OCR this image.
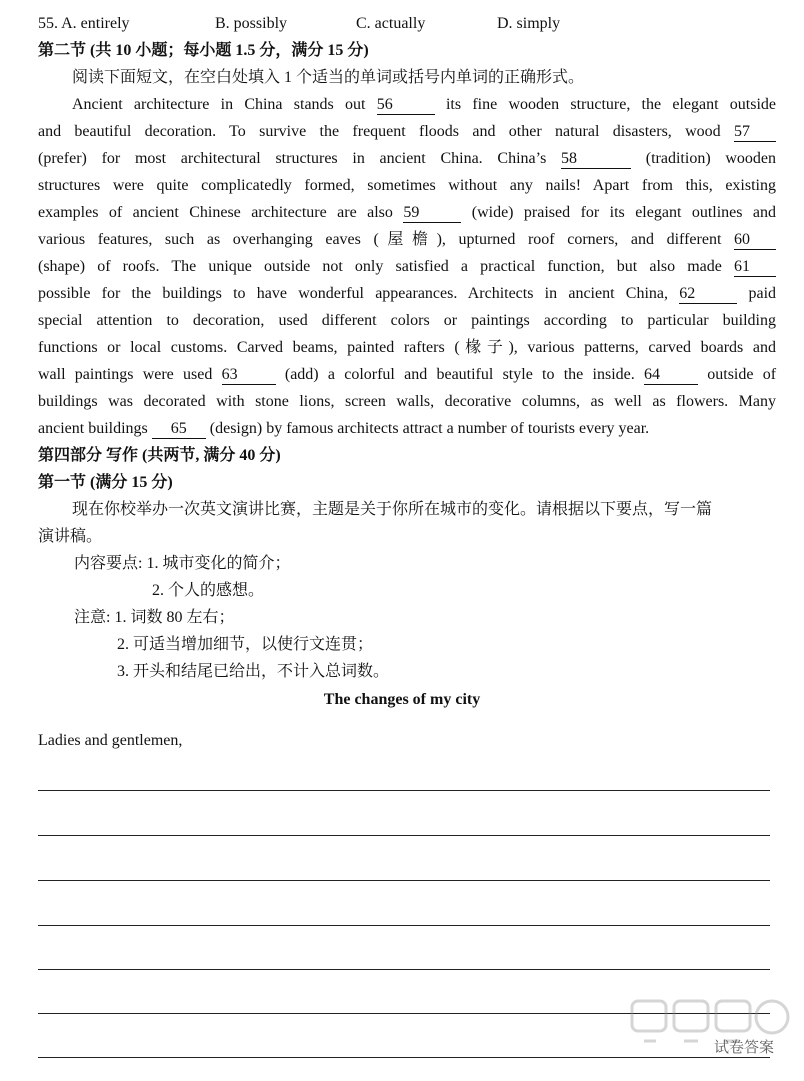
55. A. entirely	B. possibly	C. actually	D. simply
第二节 (共 10 小题；每小题 1.5 分，满分 15 分)
阅读下面短文，在空白处填入 1 个适当的单词或括号内单词的正确形式。
Ancient architecture in China stands out 56	its fine wooden structure, the elegant outside
and beautiful decoration. To survive the frequent floods and other natural disasters, wood 57
(prefer) for most architectural structures in ancient China. China’s 58	(tradition) wooden
structures were quite complicatedly formed, sometimes without any nails! Apart from this, existing
examples of ancient Chinese architecture are also 59	(wide) praised for its elegant outlines and
various features, such as overhanging eaves (屋檐), upturned roof corners, and different 60
(shape) of roofs. The unique outside not only satisfied a practical function, but also made 61
possible for the buildings to have wonderful appearances. Architects in ancient China, 62	paid
special attention to decoration, used different colors or paintings according to particular building
functions or local customs. Carved beams, painted rafters (椽子), various patterns, carved boards and
wall paintings were used 63	(add) a colorful and beautiful style to the inside. 64	outside of
buildings was decorated with stone lions, screen walls, decorative columns, as well as flowers. Many
ancient buildings 65 (design) by famous architects attract a number of tourists every year.
第四部分 写作 (共两节, 满分 40 分)
第一节 (满分 15 分)
现在你校举办一次英文演讲比赛，主题是关于你所在城市的变化。请根据以下要点，写一篇
演讲稿。
内容要点: 1. 城市变化的简介；
2. 个人的感想。
注意: 1. 词数 80 左右；
2. 可适当增加细节，以使行文连贯；
3. 开头和结尾已给出，不计入总词数。
The changes of my city
Ladies and gentlemen,
试卷答案
